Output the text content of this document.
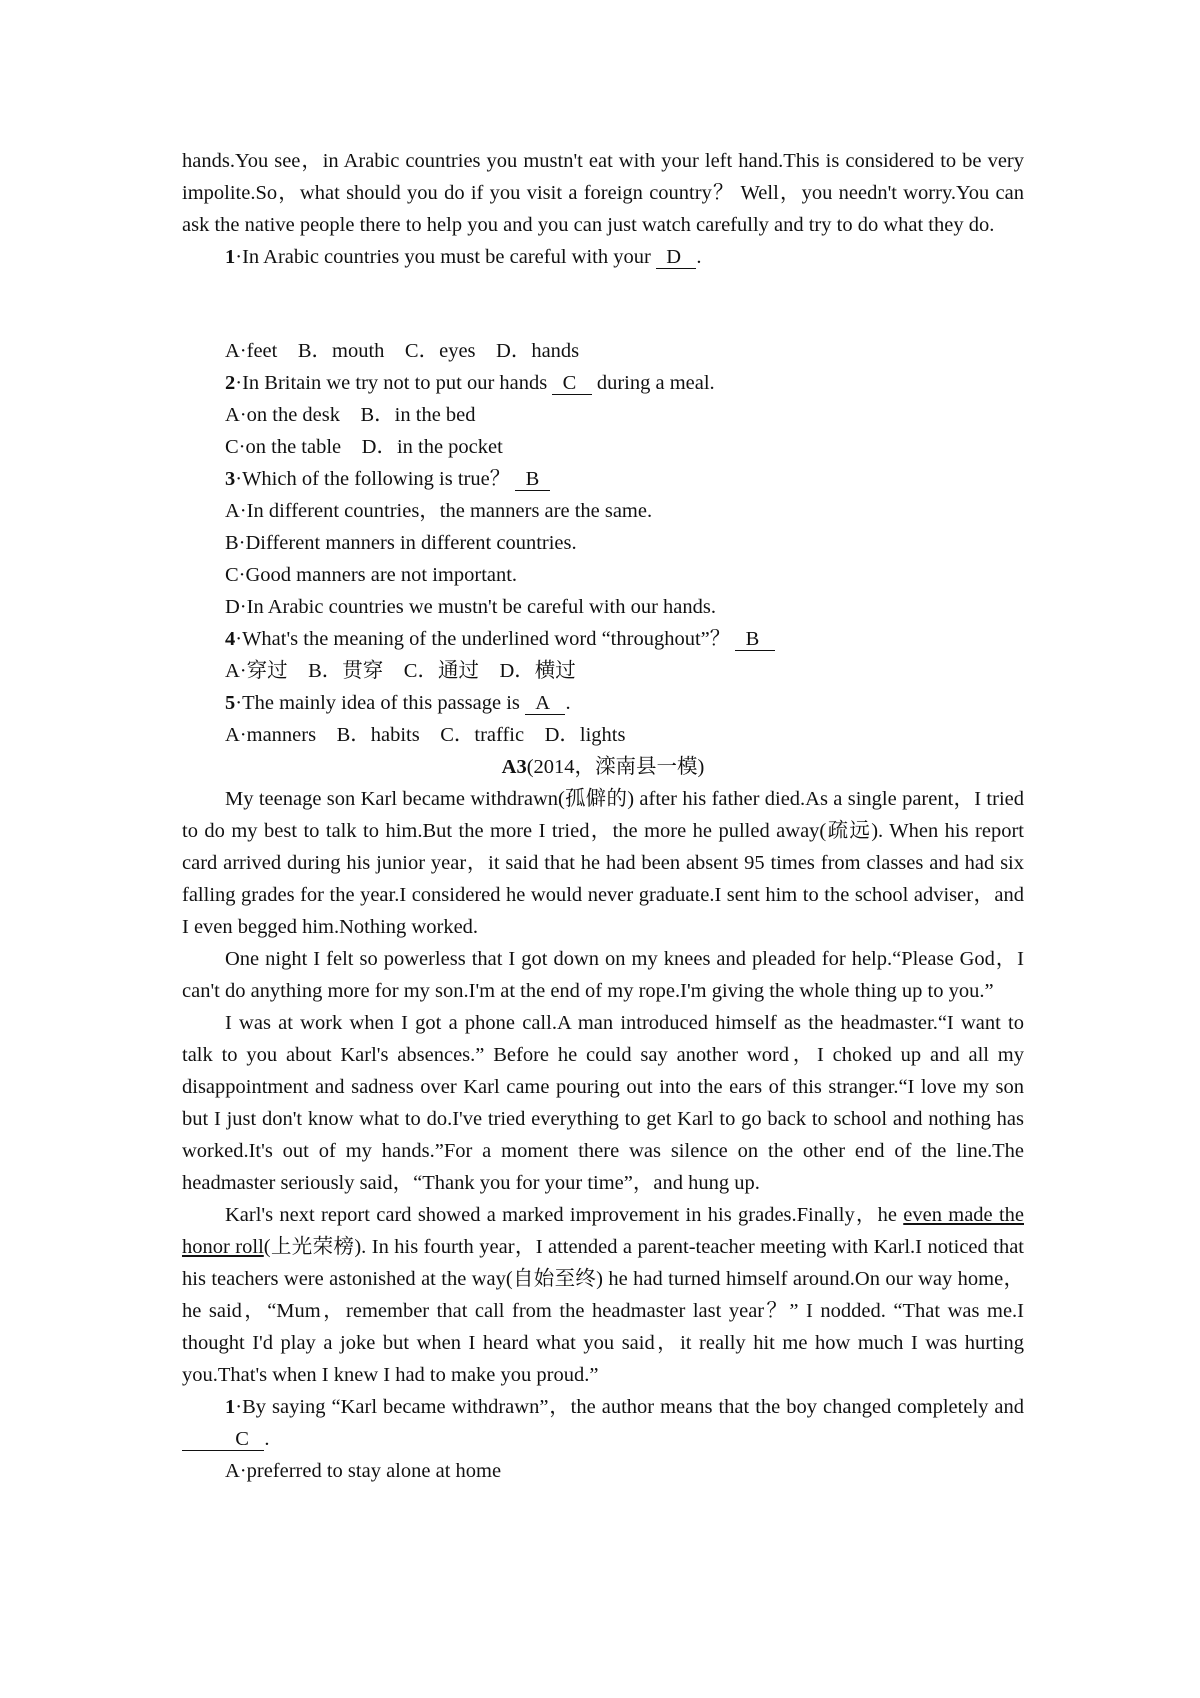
hands.You see，in Arabic countries you mustn't eat with your left hand.This is considered to be very impolite.So，what should you do if you visit a foreign country？ Well，you needn't worry.You can ask the native people there to help you and you can just watch carefully and try to do what they do.

1·In Arabic countries you must be careful with your   D .

A·feet　B．mouth　C．eyes　D．hands

2·In Britain we try not to put our hands   C    during a meal.

A·on the desk　B．in the bed

C·on the table　D．in the pocket

3·Which of the following is true？   B

A·In different countries，the manners are the same.

B·Different manners in different countries.

C·Good manners are not important.

D·In Arabic countries we mustn't be careful with our hands.

4·What's the meaning of the underlined word “throughout”？   B

A·穿过　B．贯穿　C．通过　D．横过

5·The mainly idea of this passage is   A .

A·manners　B．habits　C．traffic　D．lights

A3(2014，滦南县一模)

My teenage son Karl became withdrawn(孤僻的) after his father died.As a single parent，I tried to do my best to talk to him.But the more I tried，the more he pulled away(疏远). When his report card arrived during his junior year，it said that he had been absent 95 times from classes and had six falling grades for the year.I considered he would never graduate.I sent him to the school adviser，and I even begged him.Nothing worked.

One night I felt so powerless that I got down on my knees and pleaded for help.“Please God，I can't do anything more for my son.I'm at the end of my rope.I'm giving the whole thing up to you.”

I was at work when I got a phone call.A man introduced himself as the headmaster.“I want to talk to you about Karl's absences.” Before he could say another word，I choked up and all my disappointment and sadness over Karl came pouring out into the ears of this stranger.“I love my son but I just don't know what to do.I've tried everything to get Karl to go back to school and nothing has worked.It's out of my hands.”For a moment there was silence on the other end of the line.The headmaster seriously said，“Thank you for your time”，and hung up.

Karl's next report card showed a marked improvement in his grades.Finally，he even made the honor roll(上光荣榜). In his fourth year，I attended a parent-teacher meeting with Karl.I noticed that his teachers were astonished at the way(自始至终) he had turned himself around.On our way home，he said，“Mum，remember that call from the headmaster last year？” I nodded. “That was me.I thought I'd play a joke but when I heard what you said，it really hit me how much I was hurting you.That's when I knew I had to make you proud.”

1·By saying “Karl became withdrawn”，the author means that the boy changed completely and   C .

A·preferred to stay alone at home
